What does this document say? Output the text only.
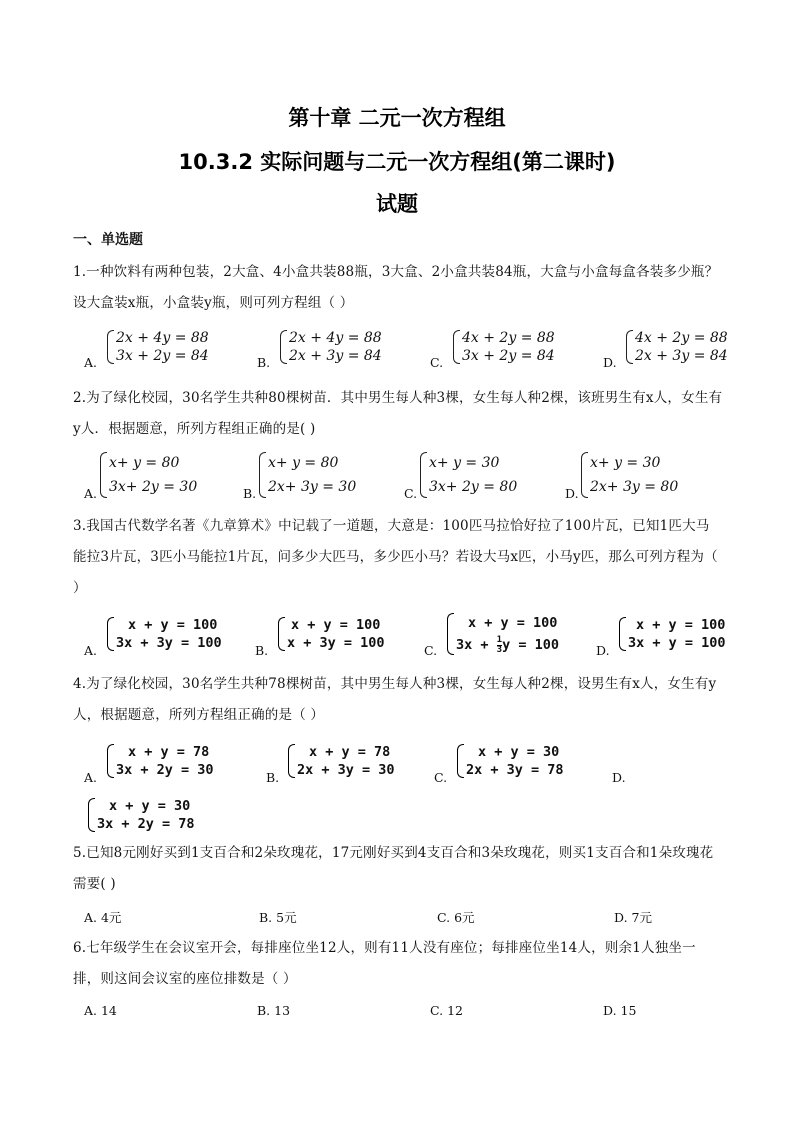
第十章 二元一次方程组
10.3.2 实际问题与二元一次方程组(第二课时)
试题
一、单选题
1.一种饮料有两种包装，2大盒、4小盒共装88瓶，3大盒、2小盒共装84瓶，大盒与小盒每盒各装多少瓶？设大盒装x瓶，小盒装y瓶，则可列方程组（ ）
A.
2x + 4y = 88
3x + 2y = 84	B.
2x + 4y = 88
2x + 3y = 84	C.
4x + 2y = 88
3x + 2y = 84	D.
4x + 2y = 88
2x + 3y = 84
2.为了绿化校园，30名学生共种80棵树苗．其中男生每人种3棵，女生每人种2棵，该班男生有x人，女生有y人．根据题意，所列方程组正确的是( )
A.
x+ y = 80
3x+ 2y = 30	B.
x+ y = 80
2x+ 3y = 30	C.
x+ y = 30
3x+ 2y = 80	D.
x+ y = 30
2x+ 3y = 80
3.我国古代数学名著《九章算术》中记载了一道题，大意是：100匹马拉恰好拉了100片瓦，已知1匹大马能拉3片瓦，3匹小马能拉1片瓦，问多少大匹马，多少匹小马？若设大马x匹，小马y匹，那么可列方程为（ ）
A.
x + y = 100
3x + 3y = 100	B.
x + y = 100
x + 3y = 100	C.
x + y = 100
$3x + \frac{1}{3}$ y = 100	D.
x + y = 100
3x + y = 100
4.为了绿化校园，30名学生共种78棵树苗，其中男生每人种3棵，女生每人种2棵，设男生有x人，女生有y人，根据题意，所列方程组正确的是（ ）
A.
x + y = 78
3x + 2y = 30	B.
x + y = 78
2x + 3y = 30	C.
x + y = 30
2x + 3y = 78	D.
x + y = 30
3x + 2y = 78
5.已知8元刚好买到1支百合和2朵玫瑰花，17元刚好买到4支百合和3朵玫瑰花，则买1支百合和1朵玫瑰花需要( )
A. 4元	B. 5元	C. 6元	D. 7元
6.七年级学生在会议室开会，每排座位坐12人，则有11人没有座位；每排座位坐14人，则余1人独坐一排，则这间会议室的座位排数是（ ）
A. 14	B. 13	C. 12	D. 15
